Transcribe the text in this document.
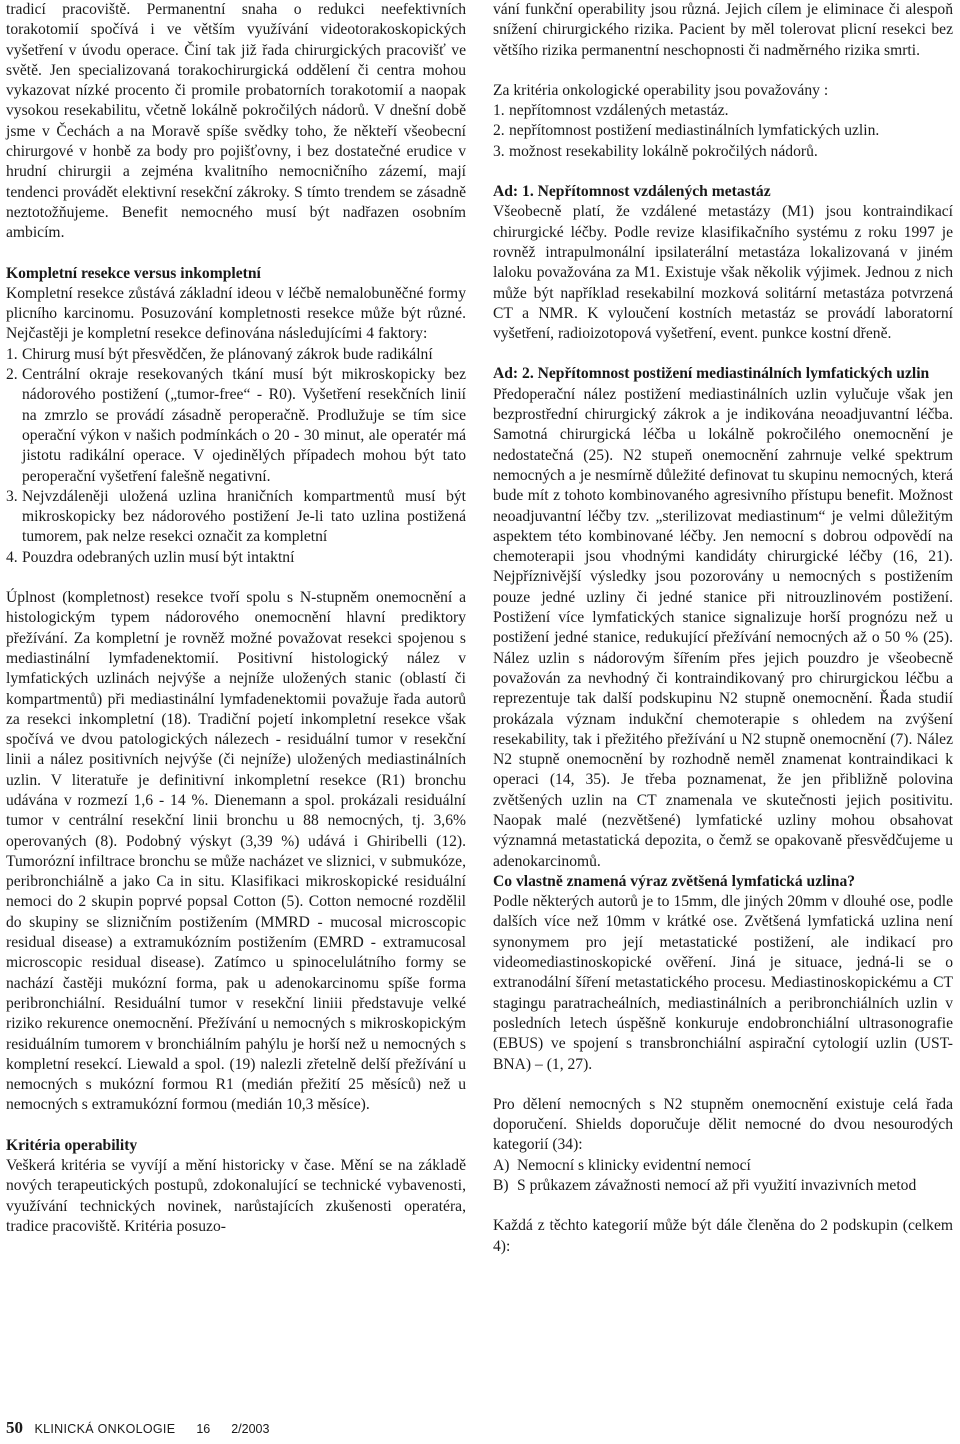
tradicí pracoviště. Permanentní snaha o redukci neefektivních torakotomií spočívá i ve větším využívání videotorakoskopických vyšetření v úvodu operace. Činí tak již řada chirurgických pracovišť ve světě. Jen specializovaná torakochirurgická oddělení či centra mohou vykazovat nízké procento či promile probatorních torakotomií a naopak vysokou resekabilitu, včetně lokálně pokročilých nádorů. V dnešní době jsme v Čechách a na Moravě spíše svědky toho, že někteří všeobecní chirurgové v honbě za body pro pojišťovny, i bez dostatečné erudice v hrudní chirurgii a zejména kvalitního nemocničního zázemí, mají tendenci provádět elektivní resekční zákroky. S tímto trendem se zásadně neztotožňujeme. Benefit nemocného musí být nadřazen osobním ambicím.

Kompletní resekce versus inkompletní

Kompletní resekce zůstává základní ideou v léčbě nemalobuněčné formy plicního karcinomu. Posuzování kompletnosti resekce může být různé. Nejčastěji je kompletní resekce definována následujícími 4 faktory:

1. Chirurg musí být přesvědčen, že plánovaný zákrok bude radikální
2. Centrální okraje resekovaných tkání musí být mikroskopicky bez nádorového postižení („tumor-free“ - R0). Vyšetření resekčních linií na zmrzlo se provádí zásadně peroperačně. Prodlužuje se tím sice operační výkon v našich podmínkách o 20 - 30 minut, ale operatér má jistotu radikální operace. V ojedinělých případech mohou být tato peroperační vyšetření falešně negativní.
3. Nejvzdáleněji uložená uzlina hraničních kompartmentů musí být mikroskopicky bez nádorového postižení Je-li tato uzlina postižená tumorem, pak nelze resekci označit za kompletní
4. Pouzdra odebraných uzlin musí být intaktní

Úplnost (kompletnost) resekce tvoří spolu s N-stupněm onemocnění a histologickým typem nádorového onemocnění hlavní prediktory přežívání. Za kompletní je rovněž možné považovat resekci spojenou s mediastinální lymfadenektomií. Positivní histologický nález v lymfatických uzlinách nejvýše a nejníže uložených stanic (oblastí či kompartmentů) při mediastinální lymfadenektomii považuje řada autorů za resekci inkompletní (18). Tradiční pojetí inkompletní resekce však spočívá ve dvou patologických nálezech - residuální tumor v resekční linii a nález positivních nejvýše (či nejníže) uložených mediastinálních uzlin. V literatuře je definitivní inkompletní resekce (R1) bronchu udávána v rozmezí 1,6 - 14 %. Dienemann a spol. prokázali residuální tumor v centrální resekční linii bronchu u 88 nemocných, tj. 3,6% operovaných (8). Podobný výskyt (3,39 %) udává i Ghiribelli (12). Tumorózní infiltrace bronchu se může nacházet ve sliznici, v submukóze, peribronchiálně a jako Ca in situ. Klasifikaci mikroskopické residuální nemoci do 2 skupin poprvé popsal Cotton (5). Cotton nemocné rozdělil do skupiny se slizničním postižením (MMRD - mucosal microscopic residual disease) a extramukózním postižením (EMRD - extramucosal microscopic residual disease). Zatímco u spinocelulátního formy se nachází častěji mukózní forma, pak u adenokarcinomu spíše forma peribronchiální. Residuální tumor v resekční liniii představuje velké riziko rekurence onemocnění. Přežívání u nemocných s mikroskopickým residuálním tumorem v bronchiálním pahýlu je horší než u nemocných s kompletní resekcí. Liewald a spol. (19) nalezli zřetelně delší přežívání u nemocných s mukózní formou R1 (medián přežití 25 měsíců) než u nemocných s extramukózní formou (medián 10,3 měsíce).

Kritéria operability

Veškerá kritéria se vyvíjí a mění historicky v čase. Mění se na základě nových terapeutických postupů, zdokonalující se technické vybavenosti, využívání technických novinek, narůstajících zkušenosti operatéra, tradice pracoviště. Kritéria posuzo-

vání funkční operability jsou různá. Jejich cílem je eliminace či alespoň snížení chirurgického rizika. Pacient by měl tolerovat plicní resekci bez většího rizika permanentní neschopnosti či nadměrného rizika smrti.

Za kritéria onkologické operability jsou považovány :

1. nepřítomnost vzdálených metastáz.
2. nepřítomnost postižení mediastinálních lymfatických uzlin.
3. možnost resekability lokálně pokročilých nádorů.
Ad: 1. Nepřítomnost vzdálených metastáz

Všeobecně platí, že vzdálené metastázy (M1) jsou kontraindikací chirurgické léčby. Podle revize klasifikačního systému z roku 1997 je rovněž intrapulmonální ipsilaterální metastáza lokalizovaná v jiném laloku považována za M1. Existuje však několik výjimek. Jednou z nich může být například resekabilní mozková solitární metastáza potvrzená CT a NMR. K vyloučení kostních metastáz se provádí laboratorní vyšetření, radioizotopová vyšetření, event. punkce kostní dřeně.

Ad: 2. Nepřítomnost postižení mediastinálních lymfatických uzlin

Předoperační nález postižení mediastinálních uzlin vylučuje však jen bezprostřední chirurgický zákrok a je indikována neoadjuvantní léčba. Samotná chirurgická léčba u lokálně pokročilého onemocnění je nedostatečná (25). N2 stupeň onemocnění zahrnuje velké spektrum nemocných a je nesmírně důležité definovat tu skupinu nemocných, která bude mít z tohoto kombinovaného agresivního přístupu benefit. Možnost neoadjuvantní léčby tzv. „sterilizovat mediastinum“ je velmi důležitým aspektem této kombinované léčby. Jen nemocní s dobrou odpovědí na chemoterapii jsou vhodnými kandidáty chirurgické léčby (16, 21). Nejpříznivější výsledky jsou pozorovány u nemocných s postižením pouze jedné uzliny či jedné stanice při nitrouzlinovém postižení. Postižení více lymfatických stanice signalizuje horší prognózu než u postižení jedné stanice, redukující přežívání nemocných až o 50 % (25). Nález uzlin s nádorovým šířením přes jejich pouzdro je všeobecně považován za nevhodný či kontraindikovaný pro chirurgickou léčbu a reprezentuje tak další podskupinu N2 stupně onemocnění. Řada studií prokázala význam indukční chemoterapie s ohledem na zvýšení resekability, tak i přežitého přežívání u N2 stupně onemocnění (7). Nález N2 stupně onemocnění by rozhodně neměl znamenat kontraindikaci k operaci (14, 35). Je třeba poznamenat, že jen přibližně polovina zvětšených uzlin na CT znamenala ve skutečnosti jejich positivitu. Naopak malé (nezvětšené) lymfatické uzliny mohou obsahovat významná metastatická depozita, o čemž se opakovaně přesvědčujeme u adenokarcinomů.

Co vlastně znamená výraz zvětšená lymfatická uzlina?

Podle některých autorů je to 15mm, dle jiných 20mm v dlouhé ose, podle dalších více než 10mm v krátké ose. Zvětšená lymfatická uzlina není synonymem pro její metastatické postižení, ale indikací pro videomediastinoskopické ověření. Jiná je situace, jedná-li se o extranodální šíření metastatického procesu. Mediastinoskopickému a CT stagingu paratracheálních, mediastinálních a peribronchiálních uzlin v posledních letech úspěšně konkuruje endobronchiální ultrasonografie (EBUS) ve spojení s transbronchiální aspirační cytologií uzlin (UST-BNA) – (1, 27).

Pro dělení nemocných s N2 stupněm onemocnění existuje celá řada doporučení. Shields doporučuje dělit nemocné do dvou nesourodých kategorií (34):

A) Nemocní s klinicky evidentní nemocí
B) S průkazem závažnosti nemocí až při využití invazivních metod

Každá z těchto kategorií může být dále členěna do 2 podskupin (celkem 4):

50 KLINICKÁ ONKOLOGIE 16 2/2003
